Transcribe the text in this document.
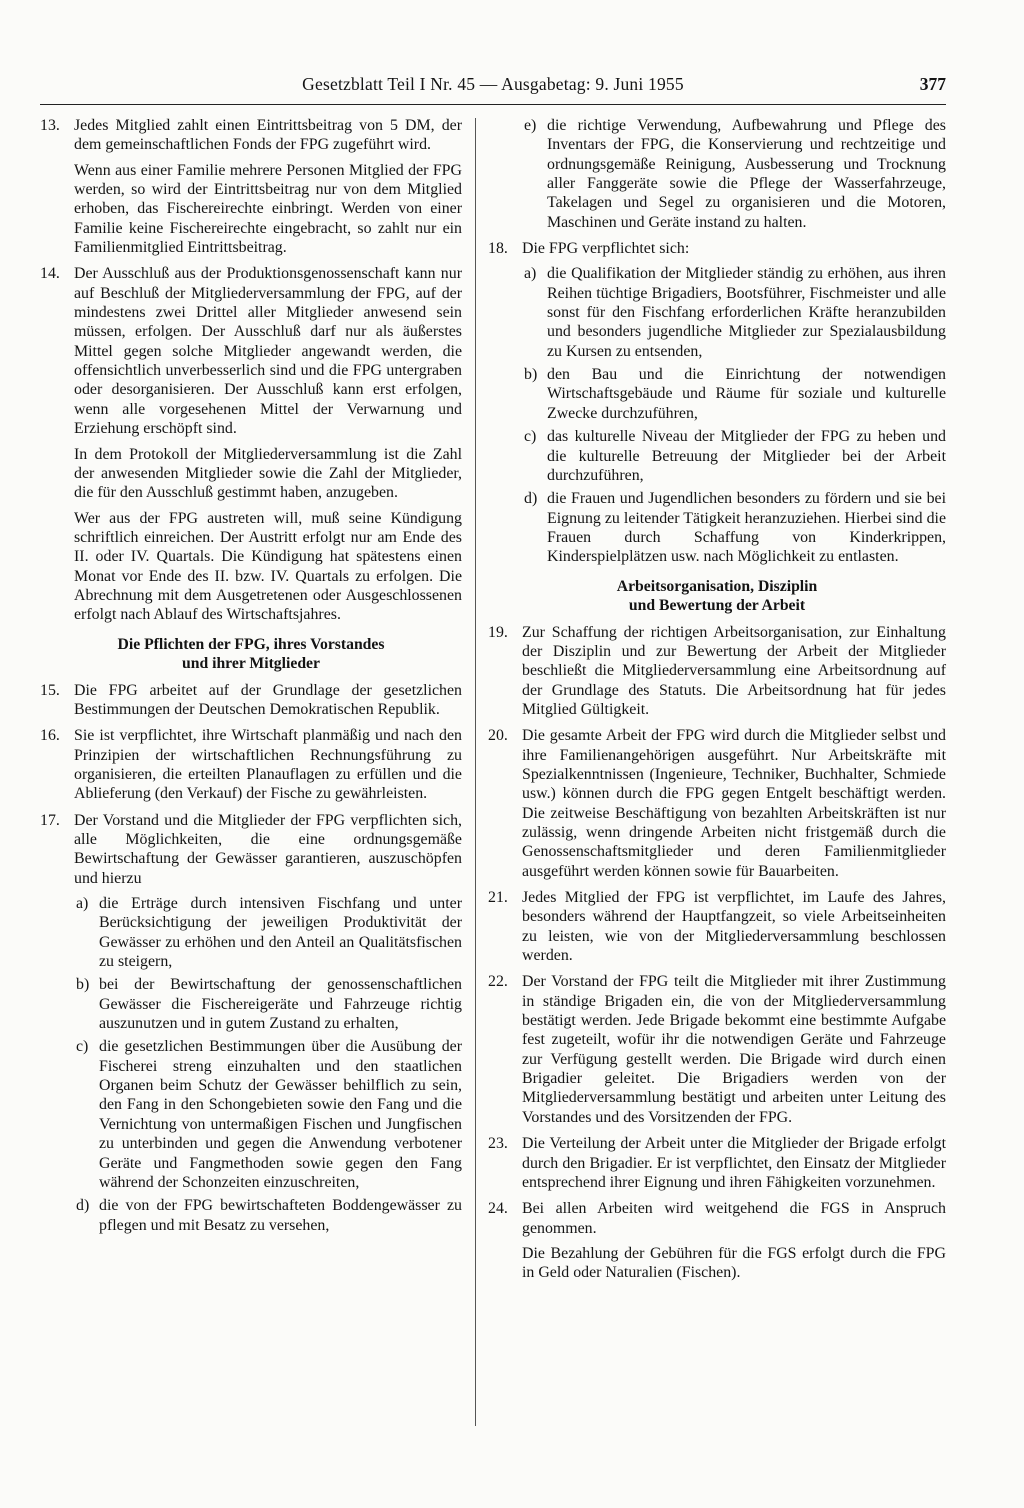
Gesetzblatt Teil I Nr. 45 — Ausgabetag: 9. Juni 1955	377
13. Jedes Mitglied zahlt einen Eintrittsbeitrag von 5 DM, der dem gemeinschaftlichen Fonds der FPG zugeführt wird.

Wenn aus einer Familie mehrere Personen Mitglied der FPG werden, so wird der Eintrittsbeitrag nur von dem Mitglied erhoben, das Fischereirechte einbringt. Werden von einer Familie keine Fischereirechte eingebracht, so zahlt nur ein Familienmitglied Eintrittsbeitrag.

14. Der Ausschluß aus der Produktionsgenossenschaft kann nur auf Beschluß der Mitgliederversammlung der FPG, auf der mindestens zwei Drittel aller Mitglieder anwesend sein müssen, erfolgen. Der Ausschluß darf nur als äußerstes Mittel gegen solche Mitglieder angewandt werden, die offensichtlich unverbesserlich sind und die FPG untergraben oder desorganisieren. Der Ausschluß kann erst erfolgen, wenn alle vorgesehenen Mittel der Verwarnung und Erziehung erschöpft sind.

In dem Protokoll der Mitgliederversammlung ist die Zahl der anwesenden Mitglieder sowie die Zahl der Mitglieder, die für den Ausschluß gestimmt haben, anzugeben.

Wer aus der FPG austreten will, muß seine Kündigung schriftlich einreichen. Der Austritt erfolgt nur am Ende des II. oder IV. Quartals. Die Kündigung hat spätestens einen Monat vor Ende des II. bzw. IV. Quartals zu erfolgen. Die Abrechnung mit dem Ausgetretenen oder Ausgeschlossenen erfolgt nach Ablauf des Wirtschaftsjahres.

Die Pflichten der FPG, ihres Vorstandes
und ihrer Mitglieder
15. Die FPG arbeitet auf der Grundlage der gesetzlichen Bestimmungen der Deutschen Demokratischen Republik.

16. Sie ist verpflichtet, ihre Wirtschaft planmäßig und nach den Prinzipien der wirtschaftlichen Rechnungsführung zu organisieren, die erteilten Planauflagen zu erfüllen und die Ablieferung (den Verkauf) der Fische zu gewährleisten.

17. Der Vorstand und die Mitglieder der FPG verpflichten sich, alle Möglichkeiten, die eine ordnungsgemäße Bewirtschaftung der Gewässer garantieren, auszuschöpfen und hierzu

a) die Erträge durch intensiven Fischfang und unter Berücksichtigung der jeweiligen Produktivität der Gewässer zu erhöhen und den Anteil an Qualitätsfischen zu steigern,
b) bei der Bewirtschaftung der genossenschaftlichen Gewässer die Fischereigeräte und Fahrzeuge richtig auszunutzen und in gutem Zustand zu erhalten,
c) die gesetzlichen Bestimmungen über die Ausübung der Fischerei streng einzuhalten und den staatlichen Organen beim Schutz der Gewässer behilflich zu sein, den Fang in den Schongebieten sowie den Fang und die Vernichtung von untermaßigen Fischen und Jungfischen zu unterbinden und gegen die Anwendung verbotener Geräte und Fangmethoden sowie gegen den Fang während der Schonzeiten einzuschreiten,
d) die von der FPG bewirtschafteten Boddengewässer zu pflegen und mit Besatz zu versehen,
e) die richtige Verwendung, Aufbewahrung und Pflege des Inventars der FPG, die Konservierung und rechtzeitige und ordnungsgemäße Reinigung, Ausbesserung und Trocknung aller Fanggeräte sowie die Pflege der Wasserfahrzeuge, Takelagen und Segel zu organisieren und die Motoren, Maschinen und Geräte instand zu halten.
18. Die FPG verpflichtet sich:

a) die Qualifikation der Mitglieder ständig zu erhöhen, aus ihren Reihen tüchtige Brigadiers, Bootsführer, Fischmeister und alle sonst für den Fischfang erforderlichen Kräfte heranzubilden und besonders jugendliche Mitglieder zur Spezialausbildung zu Kursen zu entsenden,
b) den Bau und die Einrichtung der notwendigen Wirtschaftsgebäude und Räume für soziale und kulturelle Zwecke durchzuführen,
c) das kulturelle Niveau der Mitglieder der FPG zu heben und die kulturelle Betreuung der Mitglieder bei der Arbeit durchzuführen,
d) die Frauen und Jugendlichen besonders zu fördern und sie bei Eignung zu leitender Tätigkeit heranzuziehen. Hierbei sind die Frauen durch Schaffung von Kinderkrippen, Kinderspielplätzen usw. nach Möglichkeit zu entlasten.
Arbeitsorganisation, Disziplin
und Bewertung der Arbeit
19. Zur Schaffung der richtigen Arbeitsorganisation, zur Einhaltung der Disziplin und zur Bewertung der Arbeit der Mitglieder beschließt die Mitgliederversammlung eine Arbeitsordnung auf der Grundlage des Statuts. Die Arbeitsordnung hat für jedes Mitglied Gültigkeit.

20. Die gesamte Arbeit der FPG wird durch die Mitglieder selbst und ihre Familienangehörigen ausgeführt. Nur Arbeitskräfte mit Spezialkenntnissen (Ingenieure, Techniker, Buchhalter, Schmiede usw.) können durch die FPG gegen Entgelt beschäftigt werden. Die zeitweise Beschäftigung von bezahlten Arbeitskräften ist nur zulässig, wenn dringende Arbeiten nicht fristgemäß durch die Genossenschaftsmitglieder und deren Familienmitglieder ausgeführt werden können sowie für Bauarbeiten.

21. Jedes Mitglied der FPG ist verpflichtet, im Laufe des Jahres, besonders während der Hauptfangzeit, so viele Arbeitseinheiten zu leisten, wie von der Mitgliederversammlung beschlossen werden.

22. Der Vorstand der FPG teilt die Mitglieder mit ihrer Zustimmung in ständige Brigaden ein, die von der Mitgliederversammlung bestätigt werden. Jede Brigade bekommt eine bestimmte Aufgabe fest zugeteilt, wofür ihr die notwendigen Geräte und Fahrzeuge zur Verfügung gestellt werden. Die Brigade wird durch einen Brigadier geleitet. Die Brigadiers werden von der Mitgliederversammlung bestätigt und arbeiten unter Leitung des Vorstandes und des Vorsitzenden der FPG.

23. Die Verteilung der Arbeit unter die Mitglieder der Brigade erfolgt durch den Brigadier. Er ist verpflichtet, den Einsatz der Mitglieder entsprechend ihrer Eignung und ihren Fähigkeiten vorzunehmen.

24. Bei allen Arbeiten wird weitgehend die FGS in Anspruch genommen.

Die Bezahlung der Gebühren für die FGS erfolgt durch die FPG in Geld oder Naturalien (Fischen).
